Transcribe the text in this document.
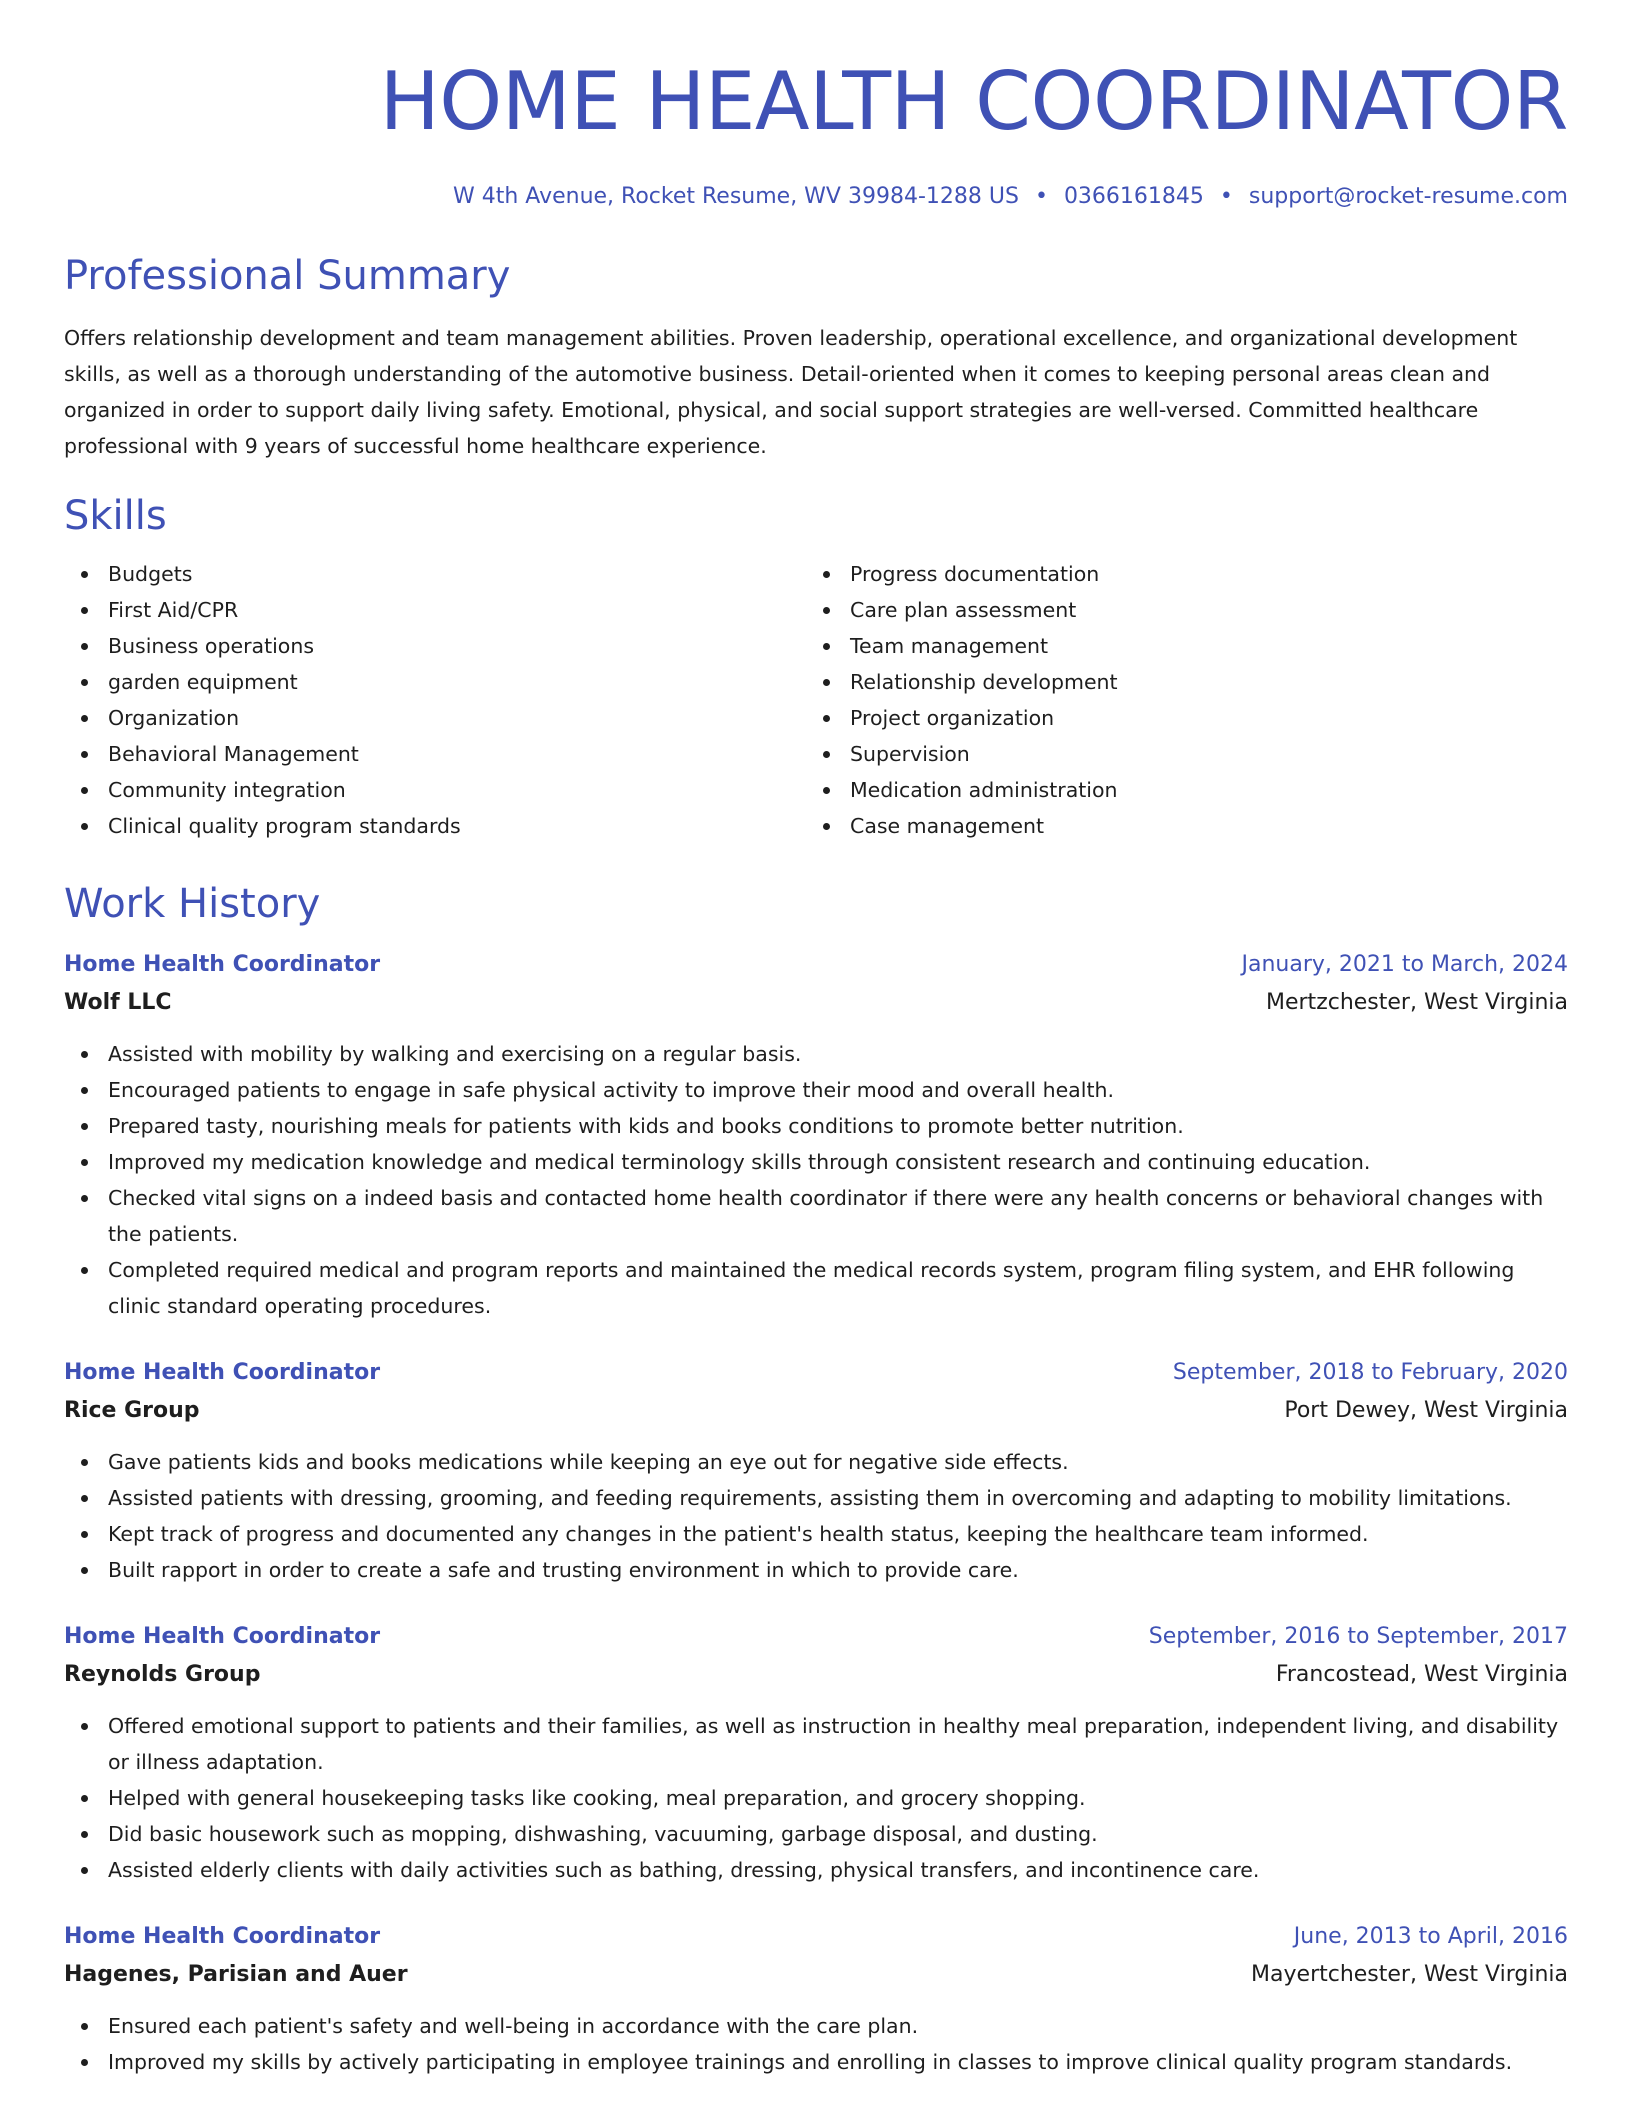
HOME HEALTH COORDINATOR
W 4th Avenue, Rocket Resume, WV 39984-1288 US • 0366161845 • support@rocket-resume.com
Professional Summary

Offers relationship development and team management abilities. Proven leadership, operational excellence, and organizational development skills, as well as a thorough understanding of the automotive business. Detail-oriented when it comes to keeping personal areas clean and organized in order to support daily living safety. Emotional, physical, and social support strategies are well-versed. Committed healthcare professional with 9 years of successful home healthcare experience.

Skills
Budgets
First Aid/CPR
Business operations
garden equipment
Organization
Behavioral Management
Community integration
Clinical quality program standards
Progress documentation
Care plan assessment
Team management
Relationship development
Project organization
Supervision
Medication administration
Case management
Work History
Home Health Coordinator	January, 2021 to March, 2024
Wolf LLC	Mertzchester, West Virginia
Assisted with mobility by walking and exercising on a regular basis.
Encouraged patients to engage in safe physical activity to improve their mood and overall health.
Prepared tasty, nourishing meals for patients with kids and books conditions to promote better nutrition.
Improved my medication knowledge and medical terminology skills through consistent research and continuing education.
Checked vital signs on a indeed basis and contacted home health coordinator if there were any health concerns or behavioral changes with the patients.
Completed required medical and program reports and maintained the medical records system, program filing system, and EHR following clinic standard operating procedures.
Home Health Coordinator	September, 2018 to February, 2020
Rice Group	Port Dewey, West Virginia
Gave patients kids and books medications while keeping an eye out for negative side effects.
Assisted patients with dressing, grooming, and feeding requirements, assisting them in overcoming and adapting to mobility limitations.
Kept track of progress and documented any changes in the patient's health status, keeping the healthcare team informed.
Built rapport in order to create a safe and trusting environment in which to provide care.
Home Health Coordinator	September, 2016 to September, 2017
Reynolds Group	Francostead, West Virginia
Offered emotional support to patients and their families, as well as instruction in healthy meal preparation, independent living, and disability or illness adaptation.
Helped with general housekeeping tasks like cooking, meal preparation, and grocery shopping.
Did basic housework such as mopping, dishwashing, vacuuming, garbage disposal, and dusting.
Assisted elderly clients with daily activities such as bathing, dressing, physical transfers, and incontinence care.
Home Health Coordinator	June, 2013 to April, 2016
Hagenes, Parisian and Auer	Mayertchester, West Virginia
Ensured each patient's safety and well-being in accordance with the care plan.
Improved my skills by actively participating in employee trainings and enrolling in classes to improve clinical quality program standards.
